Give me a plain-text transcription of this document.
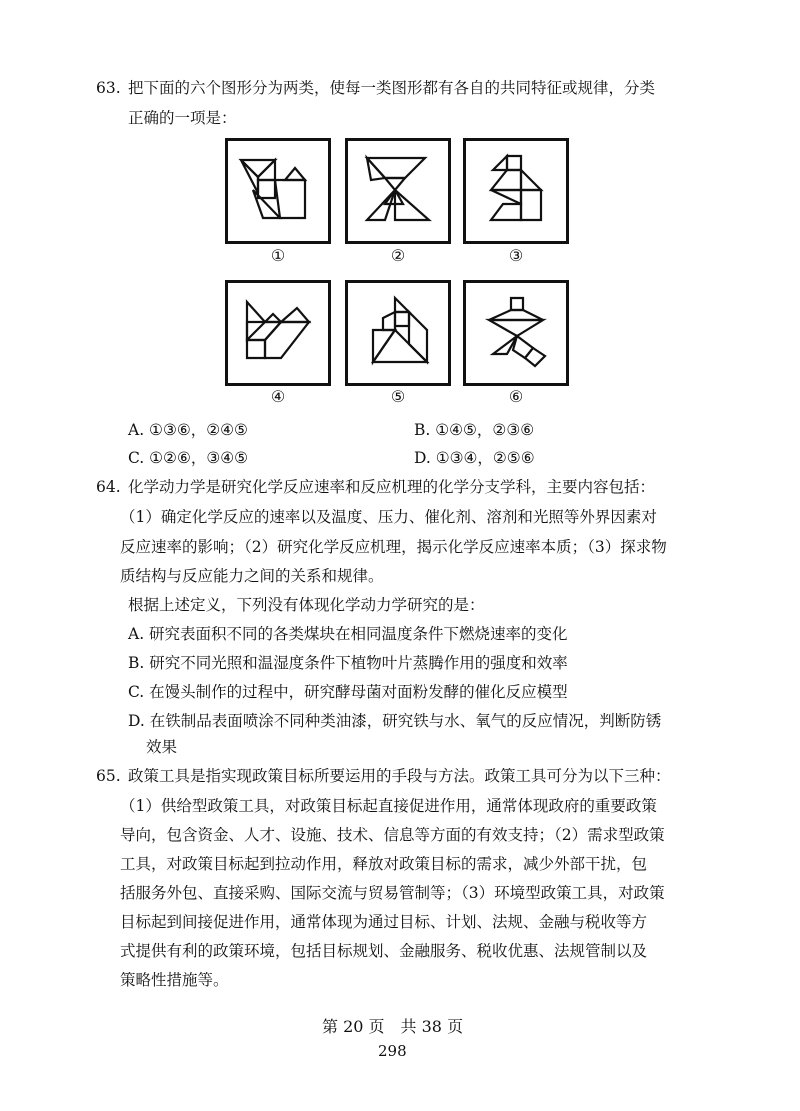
63. 把下面的六个图形分为两类，使每一类图形都有各自的共同特征或规律，分类
正确的一项是：
①	②	③
④	⑤	⑥
A. ①③⑥，②④⑤	B. ①④⑤，②③⑥
C. ①②⑥，③④⑤	D. ①③④，②⑤⑥
64. 化学动力学是研究化学反应速率和反应机理的化学分支学科，主要内容包括：
（1）确定化学反应的速率以及温度、压力、催化剂、溶剂和光照等外界因素对
反应速率的影响；（2）研究化学反应机理，揭示化学反应速率本质；（3）探求物
质结构与反应能力之间的关系和规律。
根据上述定义，下列没有体现化学动力学研究的是：
A. 研究表面积不同的各类煤块在相同温度条件下燃烧速率的变化
B. 研究不同光照和温湿度条件下植物叶片蒸腾作用的强度和效率
C. 在馒头制作的过程中，研究酵母菌对面粉发酵的催化反应模型
D. 在铁制品表面喷涂不同种类油漆，研究铁与水、氧气的反应情况，判断防锈
效果
65. 政策工具是指实现政策目标所要运用的手段与方法。政策工具可分为以下三种：
（1）供给型政策工具，对政策目标起直接促进作用，通常体现政府的重要政策
导向，包含资金、人才、设施、技术、信息等方面的有效支持；（2）需求型政策
工具，对政策目标起到拉动作用，释放对政策目标的需求，减少外部干扰，包
括服务外包、直接采购、国际交流与贸易管制等；（3）环境型政策工具，对政策
目标起到间接促进作用，通常体现为通过目标、计划、法规、金融与税收等方
式提供有利的政策环境，包括目标规划、金融服务、税收优惠、法规管制以及
策略性措施等。
第 20 页　共 38 页
298
